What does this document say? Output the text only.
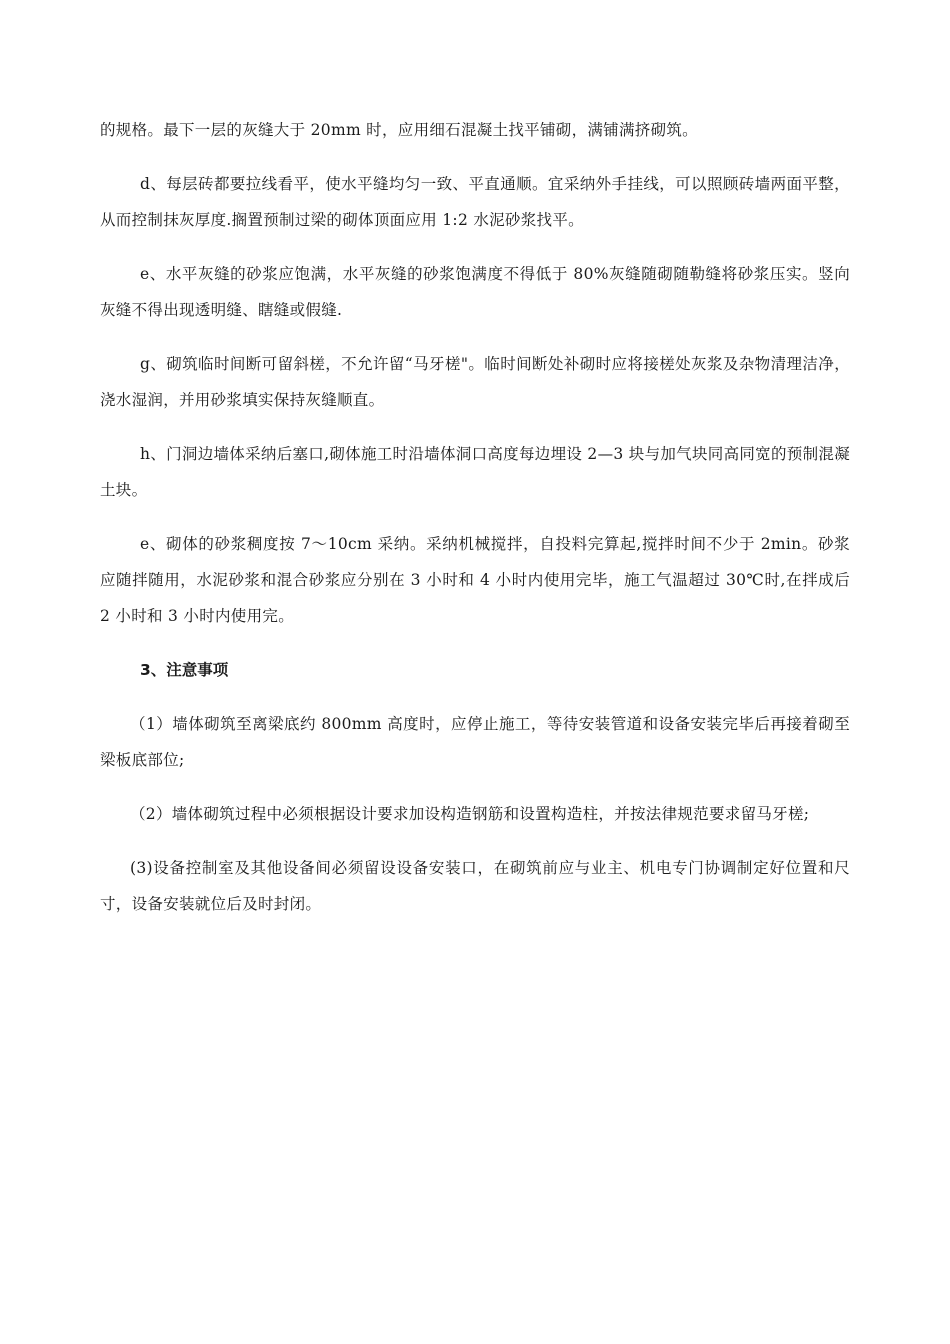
的规格。最下一层的灰缝大于 20mm 时，应用细石混凝土找平铺砌，满铺满挤砌筑。

d、每层砖都要拉线看平，使水平缝均匀一致、平直通顺。宜采纳外手挂线，可以照顾砖墙两面平整，从而控制抹灰厚度.搁置预制过梁的砌体顶面应用 1:2 水泥砂浆找平。

e、水平灰缝的砂浆应饱满，水平灰缝的砂浆饱满度不得低于 80%灰缝随砌随勒缝将砂浆压实。竖向灰缝不得出现透明缝、瞎缝或假缝.

g、砌筑临时间断可留斜槎，不允许留“马牙槎"。临时间断处补砌时应将接槎处灰浆及杂物清理洁净，浇水湿润，并用砂浆填实保持灰缝顺直。

h、门洞边墙体采纳后塞口,砌体施工时沿墙体洞口高度每边埋设 2—3 块与加气块同高同宽的预制混凝土块。

e、砌体的砂浆稠度按 7～10cm 采纳。采纳机械搅拌，自投料完算起,搅拌时间不少于 2min。砂浆应随拌随用，水泥砂浆和混合砂浆应分别在 3 小时和 4 小时内使用完毕，施工气温超过 30℃时,在拌成后 2 小时和 3 小时内使用完。

3、注意事项

（1）墙体砌筑至离梁底约 800mm 高度时，应停止施工，等待安装管道和设备安装完毕后再接着砌至梁板底部位;

（2）墙体砌筑过程中必须根据设计要求加设构造钢筋和设置构造柱，并按法律规范要求留马牙槎;

(3)设备控制室及其他设备间必须留设设备安装口，在砌筑前应与业主、机电专门协调制定好位置和尺寸，设备安装就位后及时封闭。
